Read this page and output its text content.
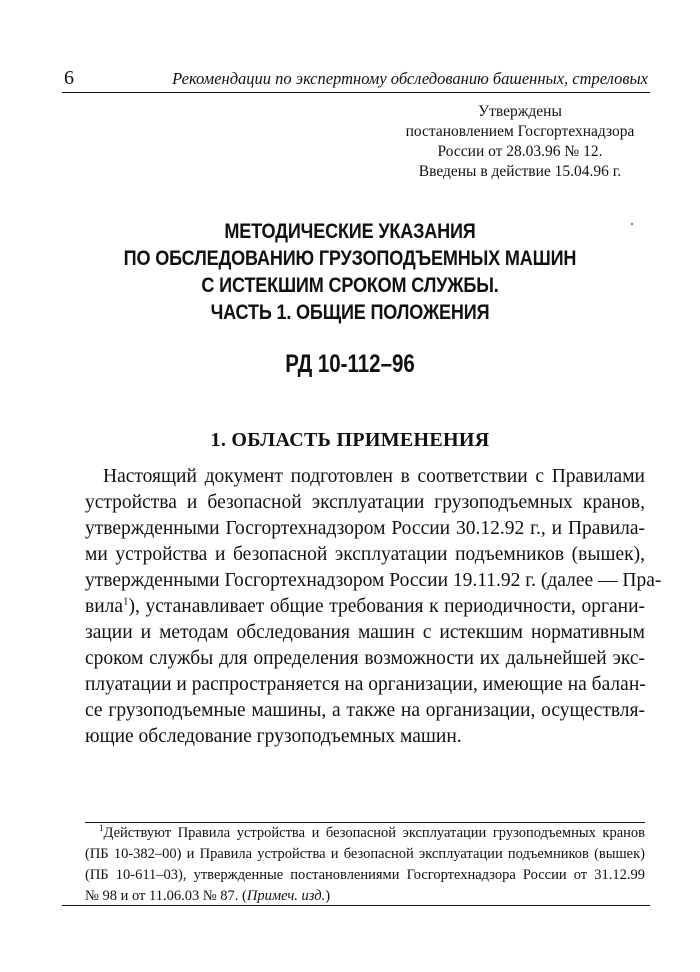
6	Рекомендации по экспертному обследованию башенных, стреловых
Утверждены
постановлением Госгортехнадзора
России от 28.03.96 № 12.
Введены в действие 15.04.96 г.
МЕТОДИЧЕСКИЕ УКАЗАНИЯ
ПО ОБСЛЕДОВАНИЮ ГРУЗОПОДЪЕМНЫХ МАШИН
С ИСТЕКШИМ СРОКОМ СЛУЖБЫ.
ЧАСТЬ 1. ОБЩИЕ ПОЛОЖЕНИЯ
РД 10-112–96
1. ОБЛАСТЬ ПРИМЕНЕНИЯ
Настоящий документ подготовлен в соответствии с Правилами
устройства и безопасной эксплуатации грузоподъемных кранов,
утвержденными Госгортехнадзором России 30.12.92 г., и Правила-
ми устройства и безопасной эксплуатации подъемников (вышек),
утвержденными Госгортехнадзором России 19.11.92 г. (далее — Пра-
вила$^1$), устанавливает общие требования к периодичности, органи-
зации и методам обследования машин с истекшим нормативным
сроком службы для определения возможности их дальнейшей экс-
плуатации и распространяется на организации, имеющие на балан-
се грузоподъемные машины, а также на организации, осуществля-
ющие обследование грузоподъемных машин.
$^1$Действуют Правила устройства и безопасной эксплуатации грузоподъемных кранов
(ПБ 10-382–00) и Правила устройства и безопасной эксплуатации подъемников (вышек)
(ПБ 10-611–03), утвержденные постановлениями Госгортехнадзора России от 31.12.99
№ 98 и от 11.06.03 № 87. (Примеч. изд.)
